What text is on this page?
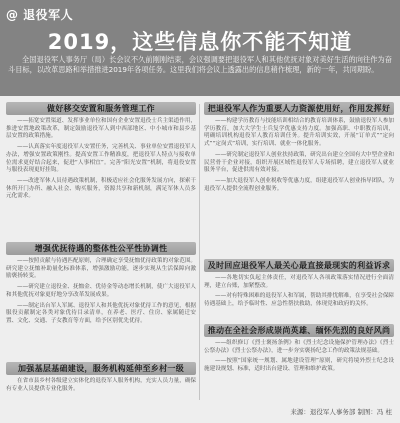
@ 退役军人
2019，这些信息你不能不知道
全国退役军人事务厅（局）长会议不久前刚刚结束，会议强调要把退役军人和其他优抚对象对美好生活的向往作为奋斗目标，以改革思路和举措推进2019年各项任务。这里我们将会议上透露出的信息稍作梳理，新的一年，共同期盼。
做好移交安置和服务管理工作

——拓宽安置渠道、发挥事业单位和国有企业安置退役士兵主渠道作用，推进安置地政策改革，制定鼓励退役军人到中西部地区、中小城市和县乡基层安置的政策措施。

——认真落实年度退役军人安置任务，完善机关、事业单位安置退役军人办法，增强安置政策刚性。提高安置工作精准度，把退役军人特点与接收单位需求更好结合起来，促进“人事相宜”。完善“阳光安置”机制，将退役安置与服役表现更好挂钩。

——改进军休人员待遇政策机制，积极适应社会化服务发展方向，探索干休所开门办所、融入社会、购买服务，资源共享和新机制，满足军休人员多元化需求。

增强优抚待遇的整体性公平性协调性

——按照贡献与待遇匹配原则，合理确定享受抚恤优待政策的对象范围。研究建立抚恤补助量化标准体系，增强激励功能，逐步实现从生活保障向激励褒扬转变。

——研究建立退役金、抚恤金、优待金等动态增长机制，使广大退役军人和其他优抚对象更好地分享改革发展成果。

——制定出台军人军属、退役军人和其他优抚对象优待工作的意见，根据服役贡献制定各类对象优待目录清单，在养老、医疗、住房、家属随迁安置、文化、交通、子女教育等方面，给予区别优先优待。

加强基层基础建设，服务机构延伸至乡村一级

在省市县乡村各级建立实体化的退役军人服务机构，充实人员力量，确保有专业人员提供专业化服务。

把退役军人作为重要人力资源使用好，作用发挥好

——构建学历教育与技能培训相结合的教育培训体系，鼓励退役军人参加学历教育，加大大学生士兵复学优惠支持力度。加强高职、中职教育培训，明确培训机构退役军人教育培训任务。提升培训实效，开展“订单式”“定向式”“定岗式”培训，实行培训、就业一体化服务。

——研究制定退役军人创业扶持政策，研究出台建立全国有大中型企业和民营骨干企业对接，组织开展区域性退役军人专场招聘，建立退役军人就业服务平台，促进供需有效对接。

——加大退役军人创业税收等优惠力度，组建退役军人创业指导团队，为退役军人提供全流程创业服务。

及时回应退役军人最关心最直接最现实的利益诉求

——各地切实负起主体责任，对退役军人各项政策落实情况进行全面清理，建立台账，加紧整改。

——对有特殊困难的退役军人和军属，帮助其排忧解难，在享受社会保障待遇基础上，给予临时性、应急性帮扶救助，体现党和政府的关怀。

推动在全社会形成崇尚英雄、缅怀先烈的良好风尚

——组织修订《烈士褒扬条例》和《烈士纪念设施保护管理办法》《烈士公祭办法》《烈士公祭办法》，进一步夯实褒扬纪念工作的政策法规基础。

——按照“国家统一规划、属地建设管理”原则，研究将境外烈士纪念设施建设规划、标准，适时出台建设、管理和维护政策。

来源：退役军人事务部 制图：冯 柱
